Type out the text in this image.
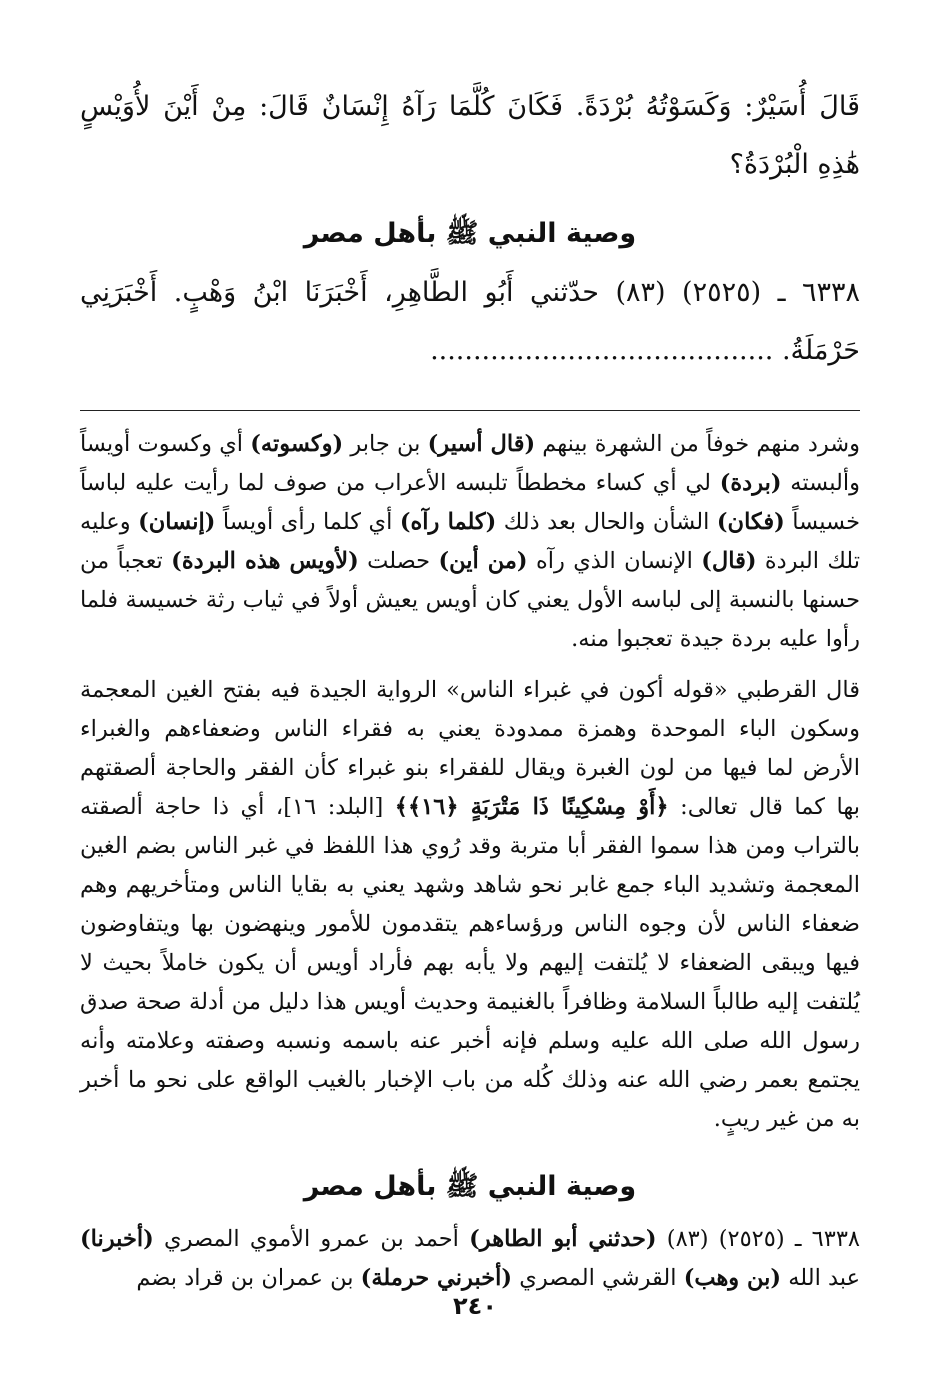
قَالَ أُسَيْرٌ: وَكَسَوْتُهُ بُرْدَةً. فَكَانَ كُلَّمَا رَآهُ إِنْسَانٌ قَالَ: مِنْ أَيْنَ لأُوَيْسٍ هَٰذِهِ الْبُرْدَةُ؟

وصية النبي ﷺ بأهل مصر

٦٣٣٨ ـ (٢٥٢٥) (٨٣) حدّثني أَبُو الطَّاهِرِ، أَخْبَرَنَا ابْنُ وَهْبٍ. أَخْبَرَنِي حَرْمَلَةُ. ........................................

وشرد منهم خوفاً من الشهرة بينهم (قال أسير) بن جابر (وكسوته) أي وكسوت أويساً وألبسته (بردة) لي أي كساء مخططاً تلبسه الأعراب من صوف لما رأيت عليه لباساً خسيساً (فكان) الشأن والحال بعد ذلك (كلما رآه) أي كلما رأى أويساً (إنسان) وعليه تلك البردة (قال) الإنسان الذي رآه (من أين) حصلت (لأويس هذه البردة) تعجباً من حسنها بالنسبة إلى لباسه الأول يعني كان أويس يعيش أولاً في ثياب رثة خسيسة فلما رأوا عليه بردة جيدة تعجبوا منه.

قال القرطبي «قوله أكون في غبراء الناس» الرواية الجيدة فيه بفتح الغين المعجمة وسكون الباء الموحدة وهمزة ممدودة يعني به فقراء الناس وضعفاءهم والغبراء الأرض لما فيها من لون الغبرة ويقال للفقراء بنو غبراء كأن الفقر والحاجة ألصقتهم بها كما قال تعالى: ﴿أَوْ مِسْكِينًا ذَا مَتْرَبَةٍ ﴿١٦﴾﴾ [البلد: ١٦]، أي ذا حاجة ألصقته بالتراب ومن هذا سموا الفقر أبا متربة وقد رُوي هذا اللفظ في غبر الناس بضم الغين المعجمة وتشديد الباء جمع غابر نحو شاهد وشهد يعني به بقايا الناس ومتأخريهم وهم ضعفاء الناس لأن وجوه الناس ورؤساءهم يتقدمون للأمور وينهضون بها ويتفاوضون فيها ويبقى الضعفاء لا يُلتفت إليهم ولا يأبه بهم فأراد أويس أن يكون خاملاً بحيث لا يُلتفت إليه طالباً السلامة وظافراً بالغنيمة وحديث أويس هذا دليل من أدلة صحة صدق رسول الله صلى الله عليه وسلم فإنه أخبر عنه باسمه ونسبه وصفته وعلامته وأنه يجتمع بعمر رضي الله عنه وذلك كُله من باب الإخبار بالغيب الواقع على نحو ما أخبر به من غير ريبٍ.

وصية النبي ﷺ بأهل مصر

٦٣٣٨ ـ (٢٥٢٥) (٨٣) (حدثني أبو الطاهر) أحمد بن عمرو الأموي المصري (أخبرنا) عبد الله (بن وهب) القرشي المصري (أخبرني حرملة) بن عمران بن قراد بضم

٢٤٠
